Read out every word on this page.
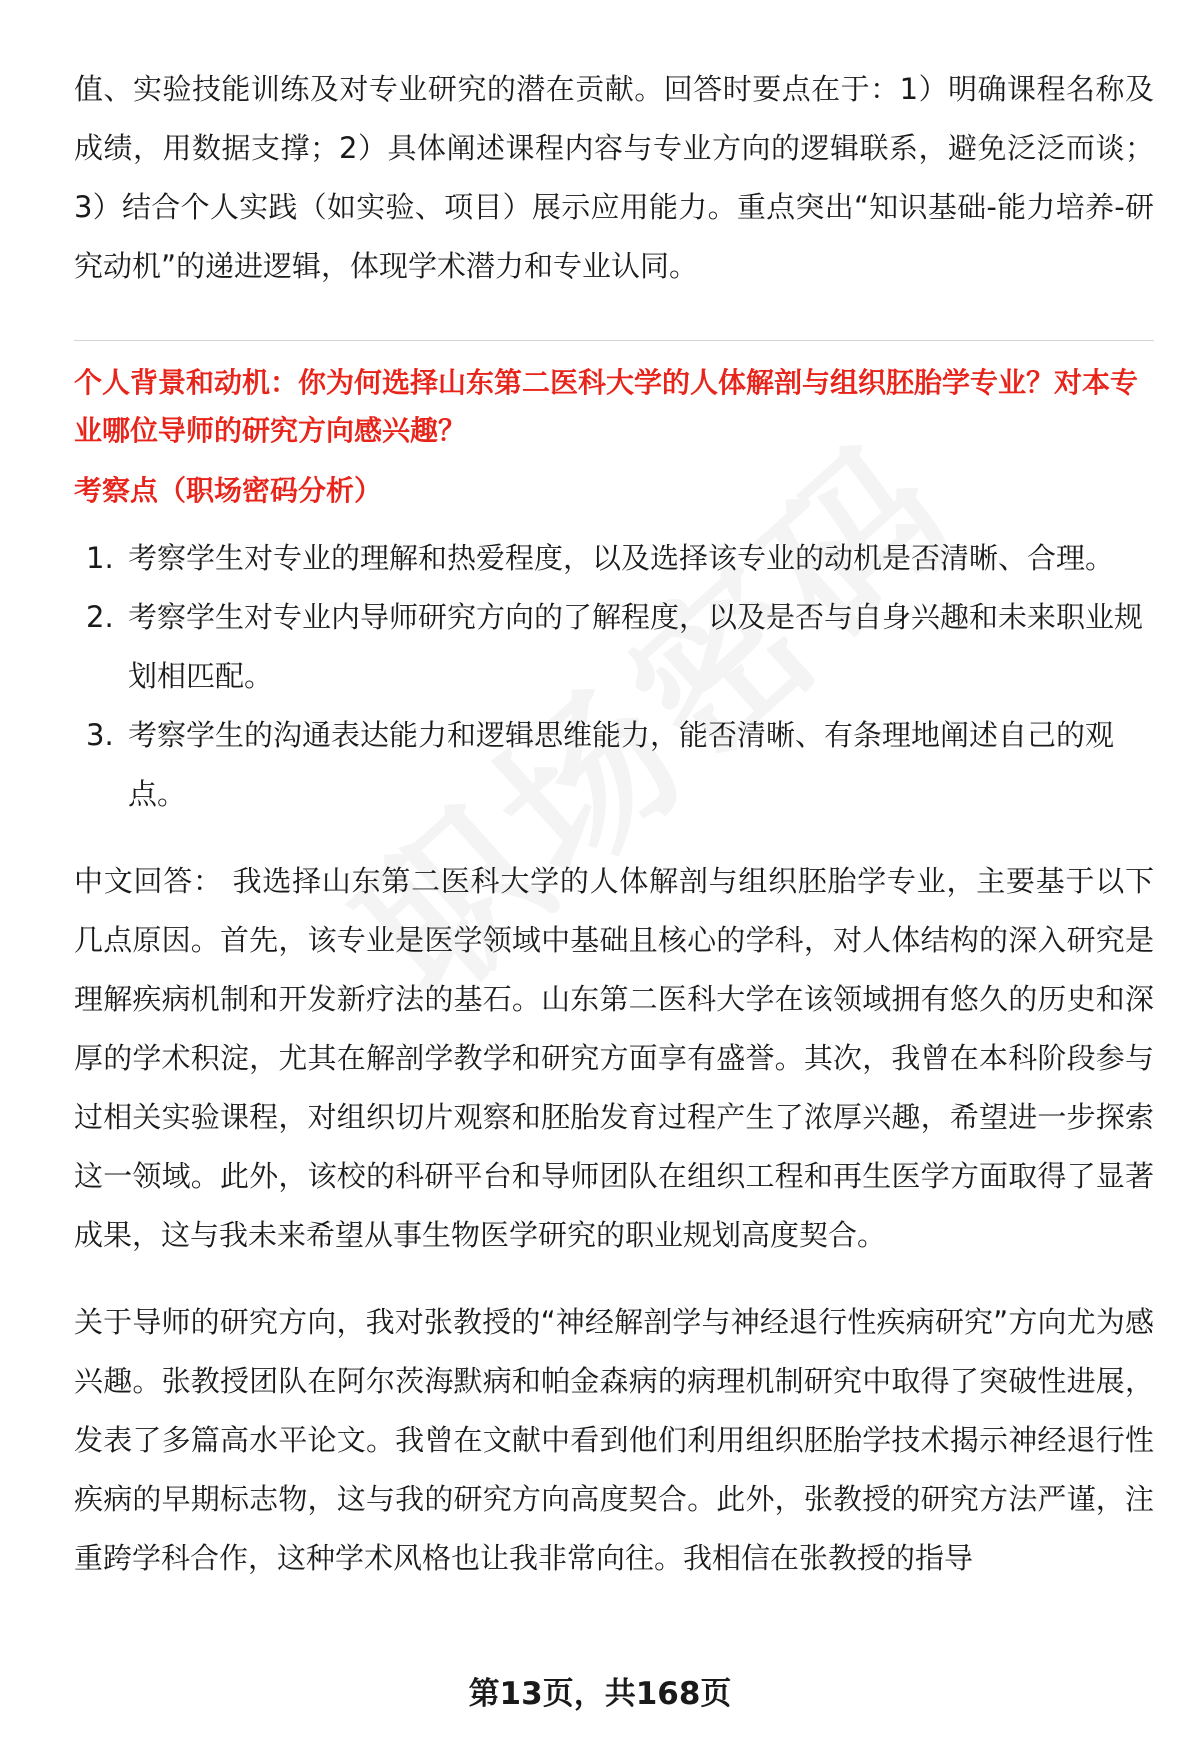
值、实验技能训练及对专业研究的潜在贡献。回答时要点在于：1）明确课程名称及成绩，用数据支撑；2）具体阐述课程内容与专业方向的逻辑联系，避免泛泛而谈；3）结合个人实践（如实验、项目）展示应用能力。重点突出“知识基础-能力培养-研究动机”的递进逻辑，体现学术潜力和专业认同。

个人背景和动机：你为何选择山东第二医科大学的人体解剖与组织胚胎学专业？对本专业哪位导师的研究方向感兴趣？

考察点（职场密码分析）

1. 考察学生对专业的理解和热爱程度，以及选择该专业的动机是否清晰、合理。
2. 考察学生对专业内导师研究方向的了解程度，以及是否与自身兴趣和未来职业规划相匹配。
3. 考察学生的沟通表达能力和逻辑思维能力，能否清晰、有条理地阐述自己的观点。

中文回答： 我选择山东第二医科大学的人体解剖与组织胚胎学专业，主要基于以下几点原因。首先，该专业是医学领域中基础且核心的学科，对人体结构的深入研究是理解疾病机制和开发新疗法的基石。山东第二医科大学在该领域拥有悠久的历史和深厚的学术积淀，尤其在解剖学教学和研究方面享有盛誉。其次，我曾在本科阶段参与过相关实验课程，对组织切片观察和胚胎发育过程产生了浓厚兴趣，希望进一步探索这一领域。此外，该校的科研平台和导师团队在组织工程和再生医学方面取得了显著成果，这与我未来希望从事生物医学研究的职业规划高度契合。

关于导师的研究方向，我对张教授的“神经解剖学与神经退行性疾病研究”方向尤为感兴趣。张教授团队在阿尔茨海默病和帕金森病的病理机制研究中取得了突破性进展，发表了多篇高水平论文。我曾在文献中看到他们利用组织胚胎学技术揭示神经退行性疾病的早期标志物，这与我的研究方向高度契合。此外，张教授的研究方法严谨，注重跨学科合作，这种学术风格也让我非常向往。我相信在张教授的指导

第13页，共168页
